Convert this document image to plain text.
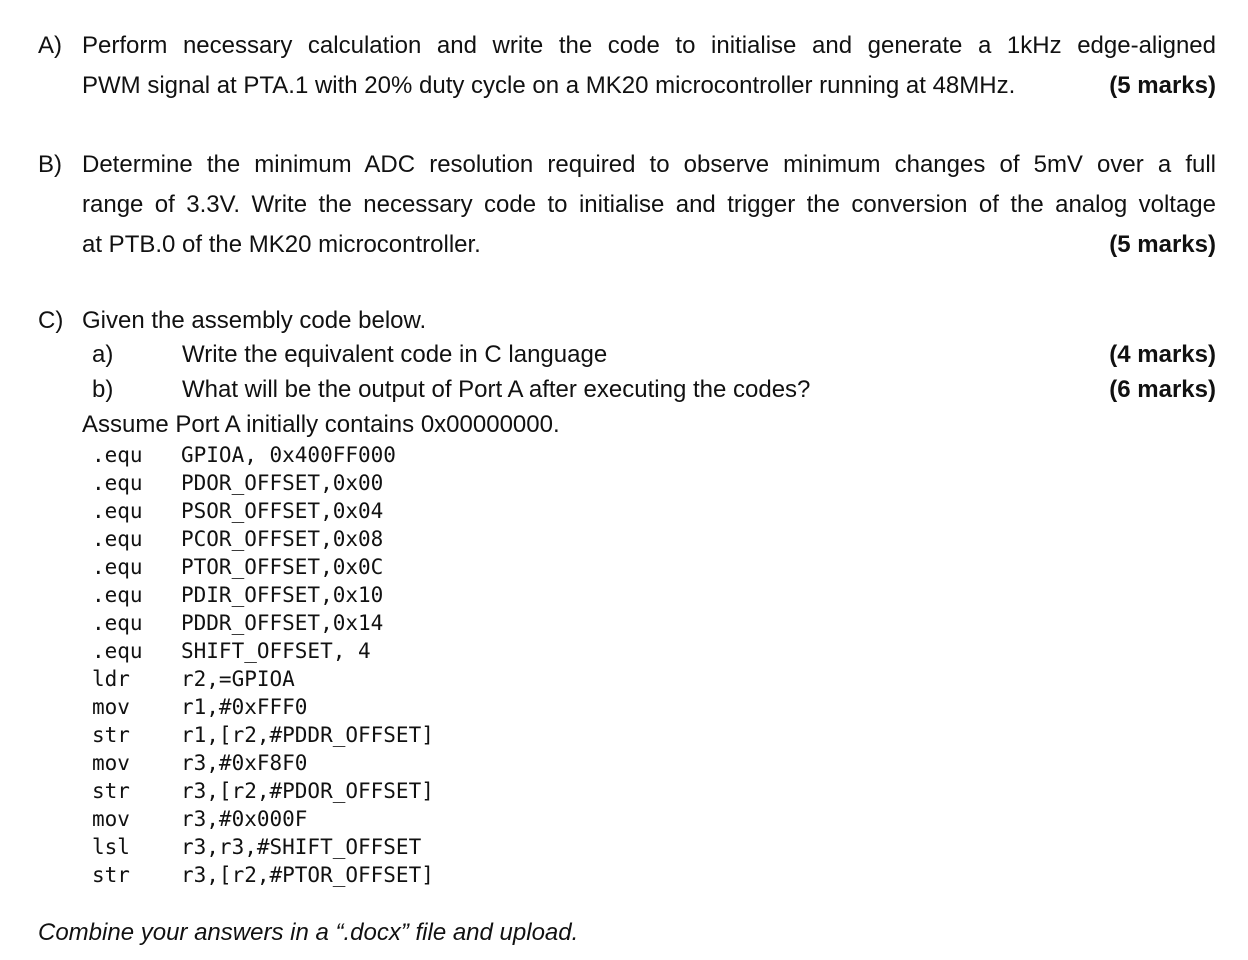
A) Perform necessary calculation and write the code to initialise and generate a 1kHz edge-aligned
PWM signal at PTA.1 with 20% duty cycle on a MK20 microcontroller running at 48MHz.	(5 marks)
B) Determine the minimum ADC resolution required to observe minimum changes of 5mV over a full
range of 3.3V. Write the necessary code to initialise and trigger the conversion of the analog voltage
at PTB.0 of the MK20 microcontroller.	(5 marks)
C) Given the assembly code below.
a)	Write the equivalent code in C language	(4 marks)
b)	What will be the output of Port A after executing the codes?	(6 marks)
Assume Port A initially contains 0x00000000.
.equ GPIOA, 0x400FF000
.equ PDOR_OFFSET,0x00
.equ PSOR_OFFSET,0x04
.equ PCOR_OFFSET,0x08
.equ PTOR_OFFSET,0x0C
.equ PDIR_OFFSET,0x10
.equ PDDR_OFFSET,0x14
.equ SHIFT_OFFSET, 4
ldr r2,=GPIOA
mov r1,#0xFFF0
str r1,[r2,#PDDR_OFFSET]
mov r3,#0xF8F0
str r3,[r2,#PDOR_OFFSET]
mov r3,#0x000F
lsl r3,r3,#SHIFT_OFFSET
str r3,[r2,#PTOR_OFFSET]
Combine your answers in a “.docx” file and upload.
